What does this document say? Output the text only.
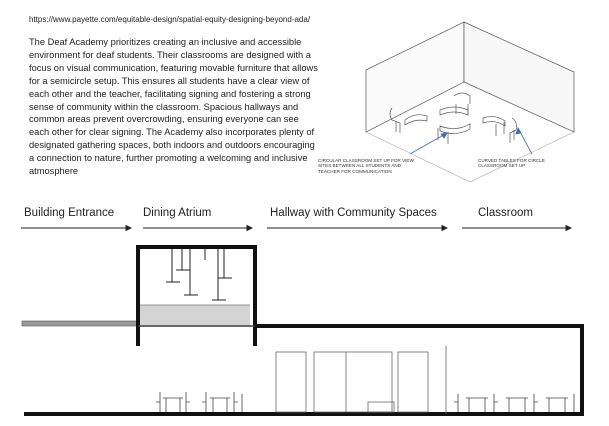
https://www.payette.com/equitable-design/spatial-equity-designing-beyond-ada/
The Deaf Academy prioritizes creating an inclusive and accessible environment for deaf students. Their classrooms are designed with a focus on visual communication, featuring movable furniture that allows for a semicircle setup. This ensures all students have a clear view of each other and the teacher, facilitating signing and fostering a strong sense of community within the classroom. Spacious hallways and common areas prevent overcrowding, ensuring everyone can see each other for clear signing. The Academy also incorporates plenty of designated gathering spaces, both indoors and outdoors encouraging a connection to nature, further promoting a welcoming and inclusive atmosphere
CIRCULAR CLASSROOM SET UP FOR VIEW SITES BETWEEN ALL STUDENTS AND TEACHER FOR COMMUNICATION
CURVED TABLES FOR CIRCLE CLASSROOM SET UP
Building Entrance	Dining Atrium	Hallway with Community Spaces	Classroom
